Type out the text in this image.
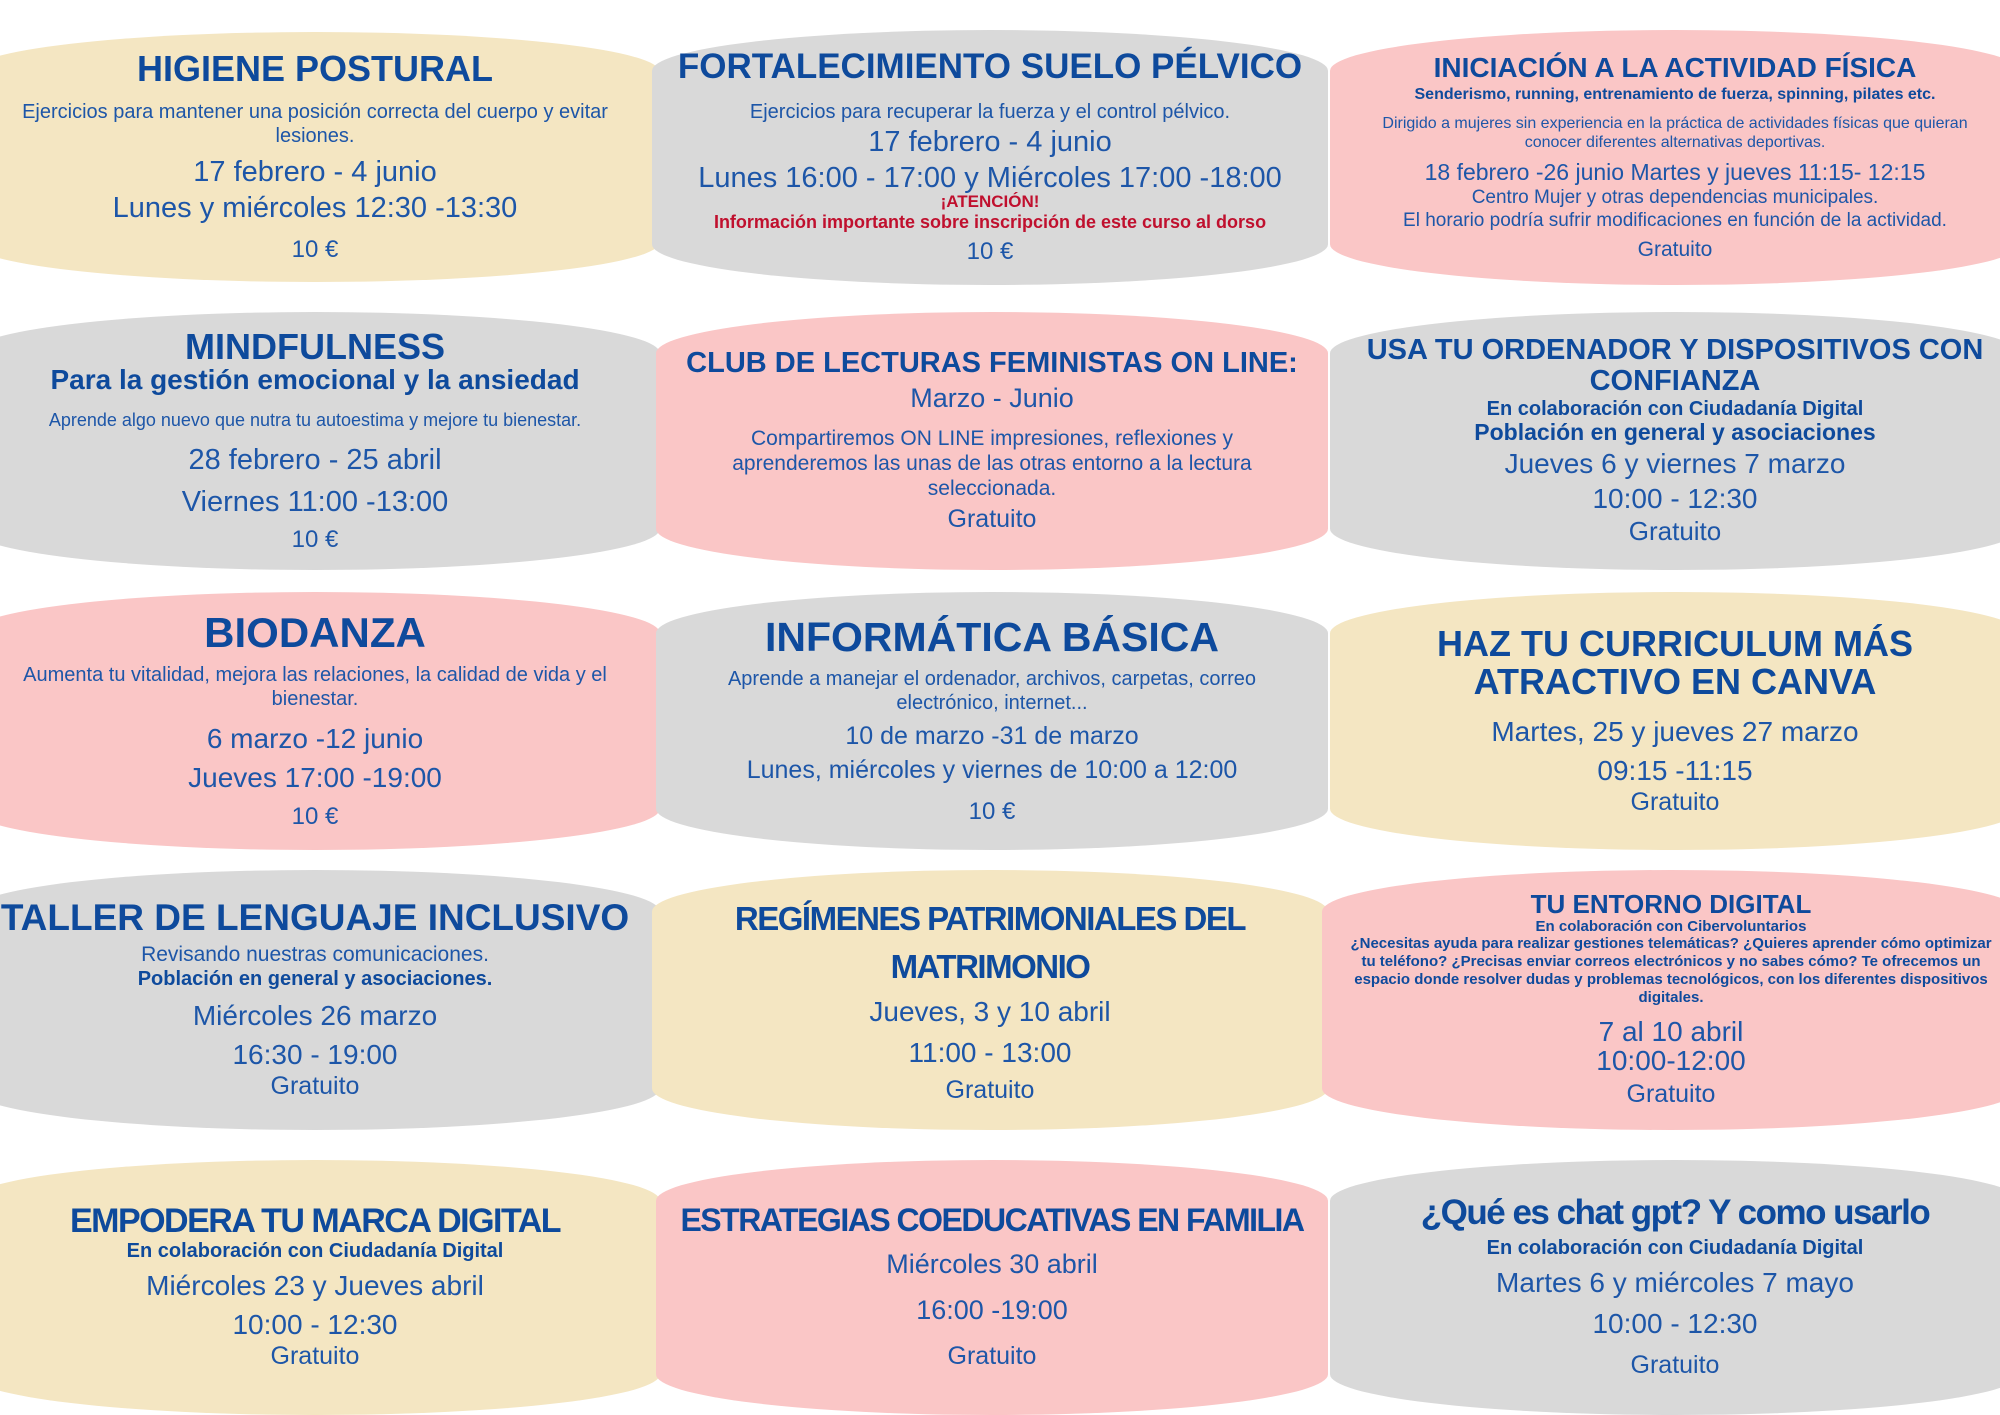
HIGIENE POSTURAL
Ejercicios para mantener una posición correcta del cuerpo y evitar lesiones.
17 febrero - 4 junio
Lunes y miércoles 12:30 -13:30
10 €
FORTALECIMIENTO SUELO PÉLVICO
Ejercicios para recuperar la fuerza y el control pélvico.
17 febrero - 4 junio
Lunes 16:00 - 17:00 y Miércoles 17:00 -18:00
¡ATENCIÓN!
Información importante sobre inscripción de este curso al dorso
10 €
INICIACIÓN A LA ACTIVIDAD FÍSICA
Senderismo, running, entrenamiento de fuerza, spinning, pilates etc.
Dirigido a mujeres sin experiencia en la práctica de actividades físicas que quieran conocer diferentes alternativas deportivas.
18 febrero -26 junio Martes y jueves 11:15- 12:15
Centro Mujer y otras dependencias municipales.
El horario podría sufrir modificaciones en función de la actividad.
Gratuito
MINDFULNESS
Para la gestión emocional y la ansiedad
Aprende algo nuevo que nutra tu autoestima y mejore tu bienestar.
28 febrero - 25 abril
Viernes 11:00 -13:00
10 €
CLUB DE LECTURAS FEMINISTAS ON LINE:
Marzo - Junio
Compartiremos ON LINE impresiones, reflexiones y aprenderemos las unas de las otras entorno a la lectura seleccionada.
Gratuito
USA TU ORDENADOR Y DISPOSITIVOS CON CONFIANZA
En colaboración con Ciudadanía Digital
Población en general y asociaciones
Jueves 6 y viernes 7 marzo
10:00 - 12:30
Gratuito
BIODANZA
Aumenta tu vitalidad, mejora las relaciones, la calidad de vida y el bienestar.
6 marzo -12 junio
Jueves 17:00 -19:00
10 €
INFORMÁTICA BÁSICA
Aprende a manejar el ordenador, archivos, carpetas, correo electrónico, internet...
10 de marzo -31 de marzo
Lunes, miércoles y viernes de 10:00 a 12:00
10 €
HAZ TU CURRICULUM MÁS ATRACTIVO EN CANVA
Martes, 25 y jueves 27 marzo
09:15 -11:15
Gratuito
TALLER DE LENGUAJE INCLUSIVO
Revisando nuestras comunicaciones.
Población en general y asociaciones.
Miércoles 26 marzo
16:30 - 19:00
Gratuito
REGÍMENES PATRIMONIALES DEL MATRIMONIO
Jueves, 3 y 10 abril
11:00 - 13:00
Gratuito
TU ENTORNO DIGITAL
En colaboración con Cibervoluntarios
¿Necesitas ayuda para realizar gestiones telemáticas? ¿Quieres aprender cómo optimizar tu teléfono? ¿Precisas enviar correos electrónicos y no sabes cómo? Te ofrecemos un espacio donde resolver dudas y problemas tecnológicos, con los diferentes dispositivos digitales.
7 al 10 abril
10:00-12:00
Gratuito
EMPODERA TU MARCA DIGITAL
En colaboración con Ciudadanía Digital
Miércoles 23 y Jueves abril
10:00 - 12:30
Gratuito
ESTRATEGIAS COEDUCATIVAS EN FAMILIA
Miércoles 30 abril
16:00 -19:00
Gratuito
¿Qué es chat gpt? Y como usarlo
En colaboración con Ciudadanía Digital
Martes 6 y miércoles 7 mayo
10:00 - 12:30
Gratuito
